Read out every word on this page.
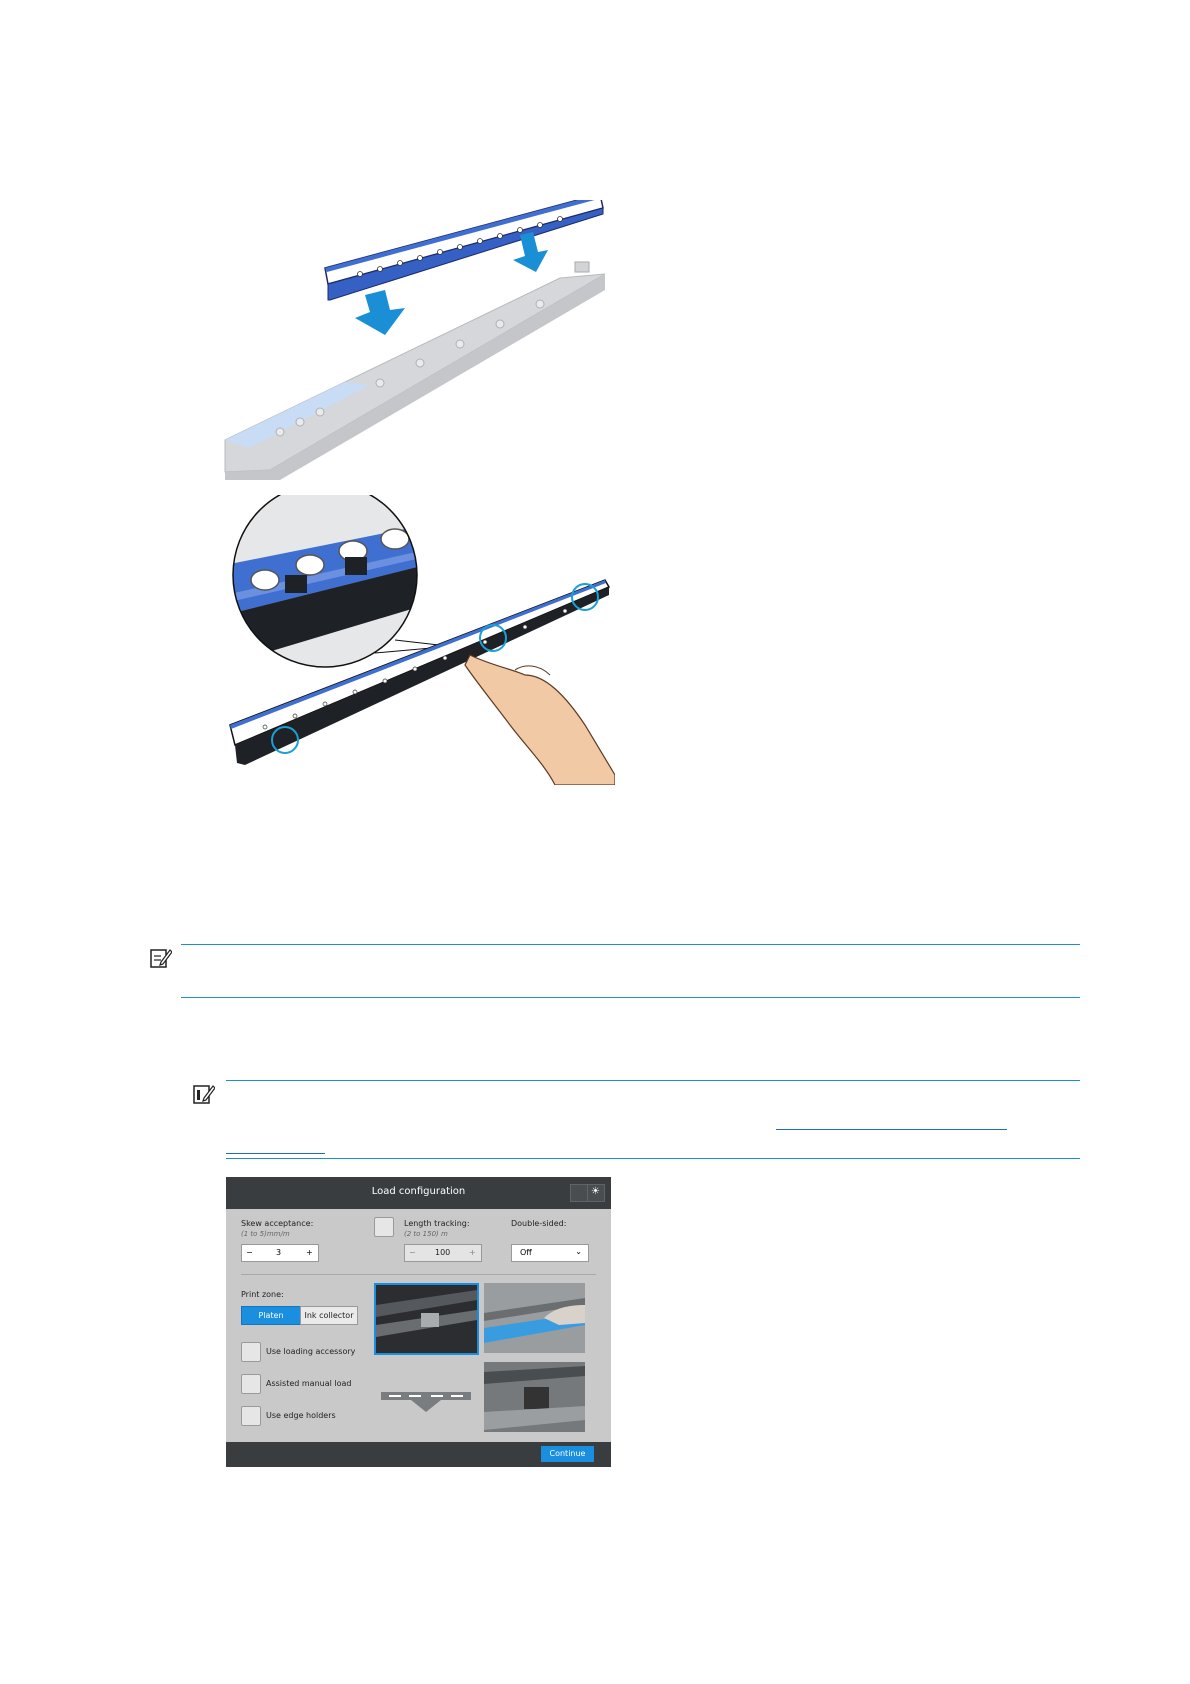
Load configuration	☀
Skew acceptance:
(1 to 5)mm/m
−	3	+
Length tracking:
(2 to 150) m
− 100 +
Double-sided:
Off	⌄
Print zone:
Platen	Ink collector
Use loading accessory
Assisted manual load
Use edge holders
Continue
